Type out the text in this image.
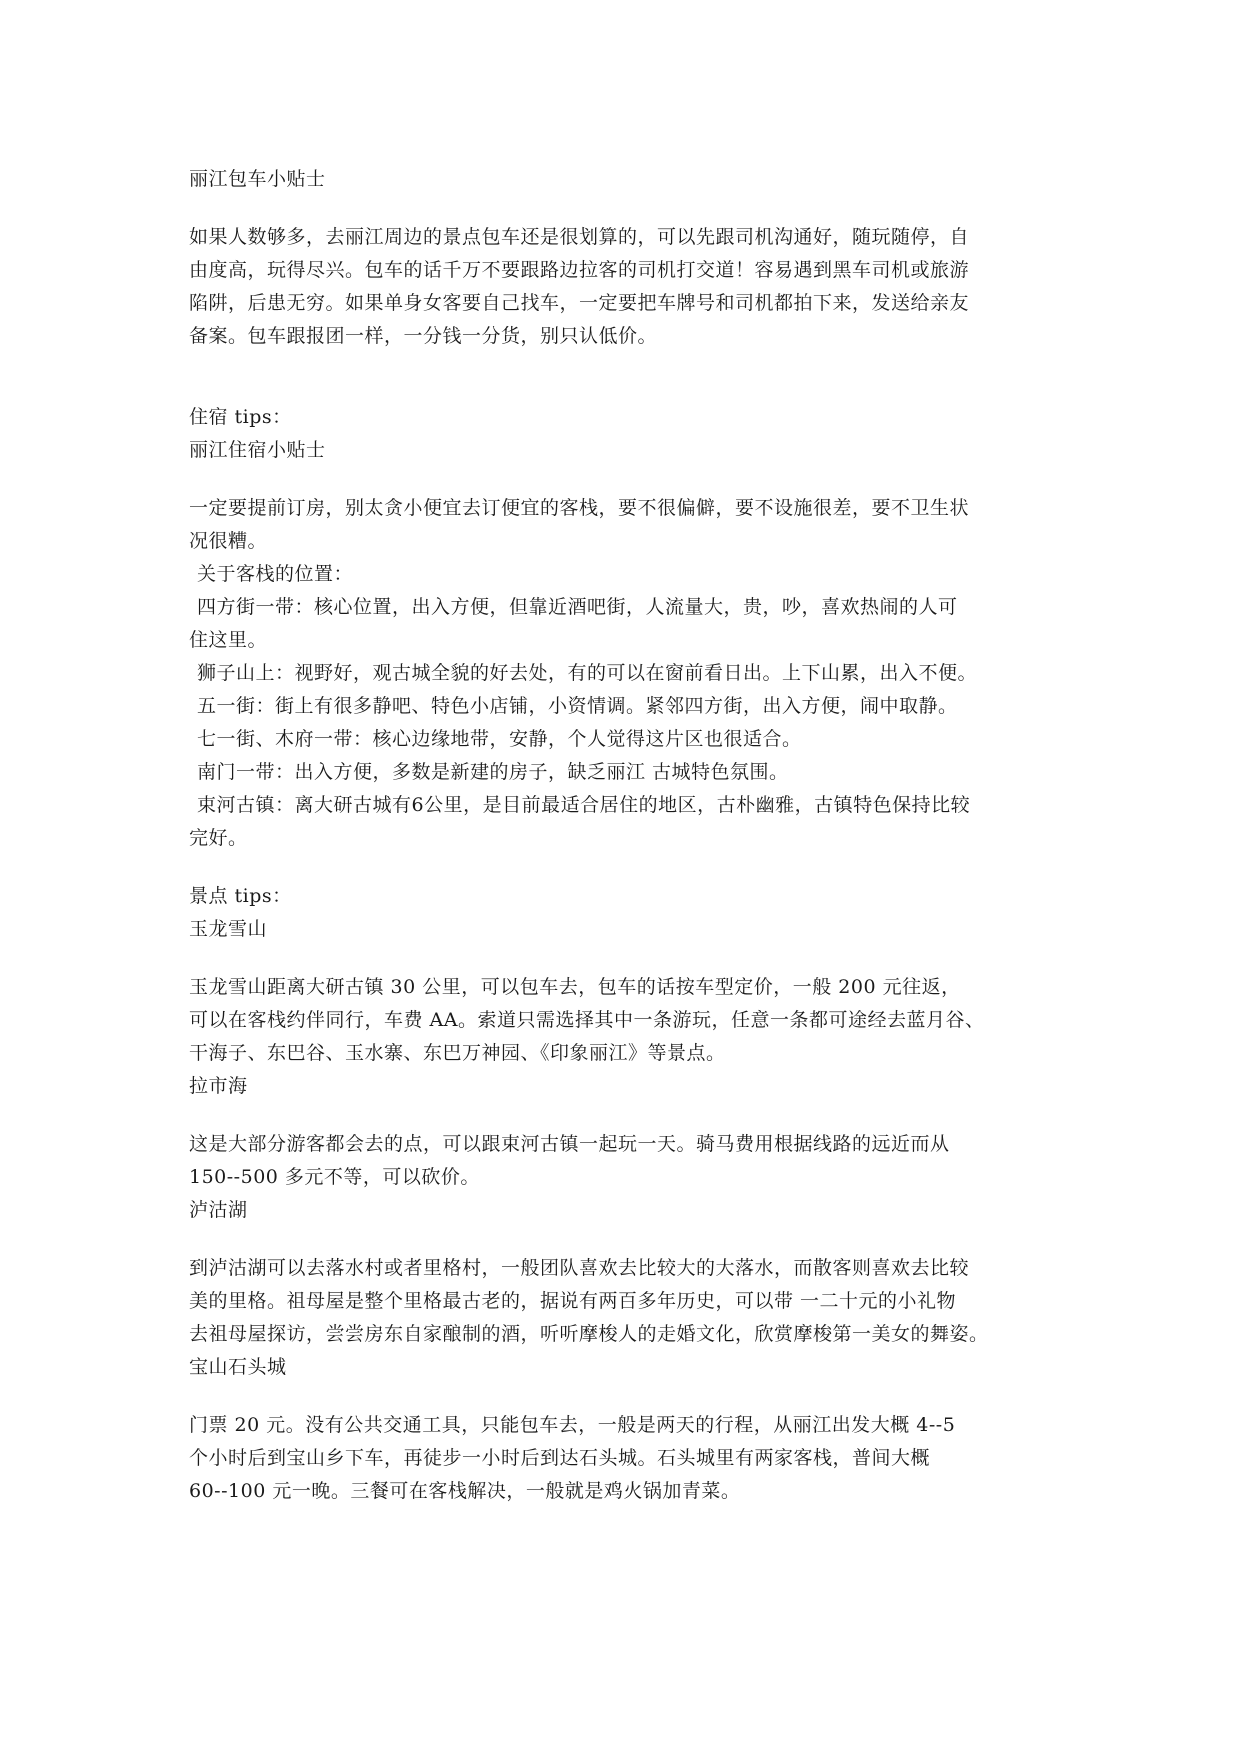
丽江包车小贴士
如果人数够多，去丽江周边的景点包车还是很划算的，可以先跟司机沟通好，随玩随停，自
由度高，玩得尽兴。包车的话千万不要跟路边拉客的司机打交道！容易遇到黑车司机或旅游
陷阱，后患无穷。如果单身女客要自己找车，一定要把车牌号和司机都拍下来，发送给亲友
备案。包车跟报团一样，一分钱一分货，别只认低价。
住宿 tips：
丽江住宿小贴士
一定要提前订房，别太贪小便宜去订便宜的客栈，要不很偏僻，要不设施很差，要不卫生状
况很糟。
关于客栈的位置：
四方街一带：核心位置，出入方便，但靠近酒吧街，人流量大，贵，吵，喜欢热闹的人可
住这里。
狮子山上：视野好，观古城全貌的好去处，有的可以在窗前看日出。上下山累，出入不便。
五一街：街上有很多静吧、特色小店铺，小资情调。紧邻四方街，出入方便，闹中取静。
七一街、木府一带：核心边缘地带，安静，个人觉得这片区也很适合。
南门一带：出入方便，多数是新建的房子，缺乏丽江 古城特色氛围。
束河古镇：离大研古城有6公里，是目前最适合居住的地区，古朴幽雅，古镇特色保持比较
完好。
景点 tips：
玉龙雪山
玉龙雪山距离大研古镇 30 公里，可以包车去，包车的话按车型定价，一般 200 元往返，
可以在客栈约伴同行，车费 AA。索道只需选择其中一条游玩，任意一条都可途经去蓝月谷、
干海子、东巴谷、玉水寨、东巴万神园、《印象丽江》等景点。
拉市海
这是大部分游客都会去的点，可以跟束河古镇一起玩一天。骑马费用根据线路的远近而从
150--500 多元不等，可以砍价。
泸沽湖
到泸沽湖可以去落水村或者里格村，一般团队喜欢去比较大的大落水，而散客则喜欢去比较
美的里格。祖母屋是整个里格最古老的，据说有两百多年历史，可以带 一二十元的小礼物
去祖母屋探访，尝尝房东自家酿制的酒，听听摩梭人的走婚文化，欣赏摩梭第一美女的舞姿。
宝山石头城
门票 20 元。没有公共交通工具，只能包车去，一般是两天的行程，从丽江出发大概 4--5
个小时后到宝山乡下车，再徒步一小时后到达石头城。石头城里有两家客栈，普间大概
60--100 元一晚。三餐可在客栈解决，一般就是鸡火锅加青菜。
